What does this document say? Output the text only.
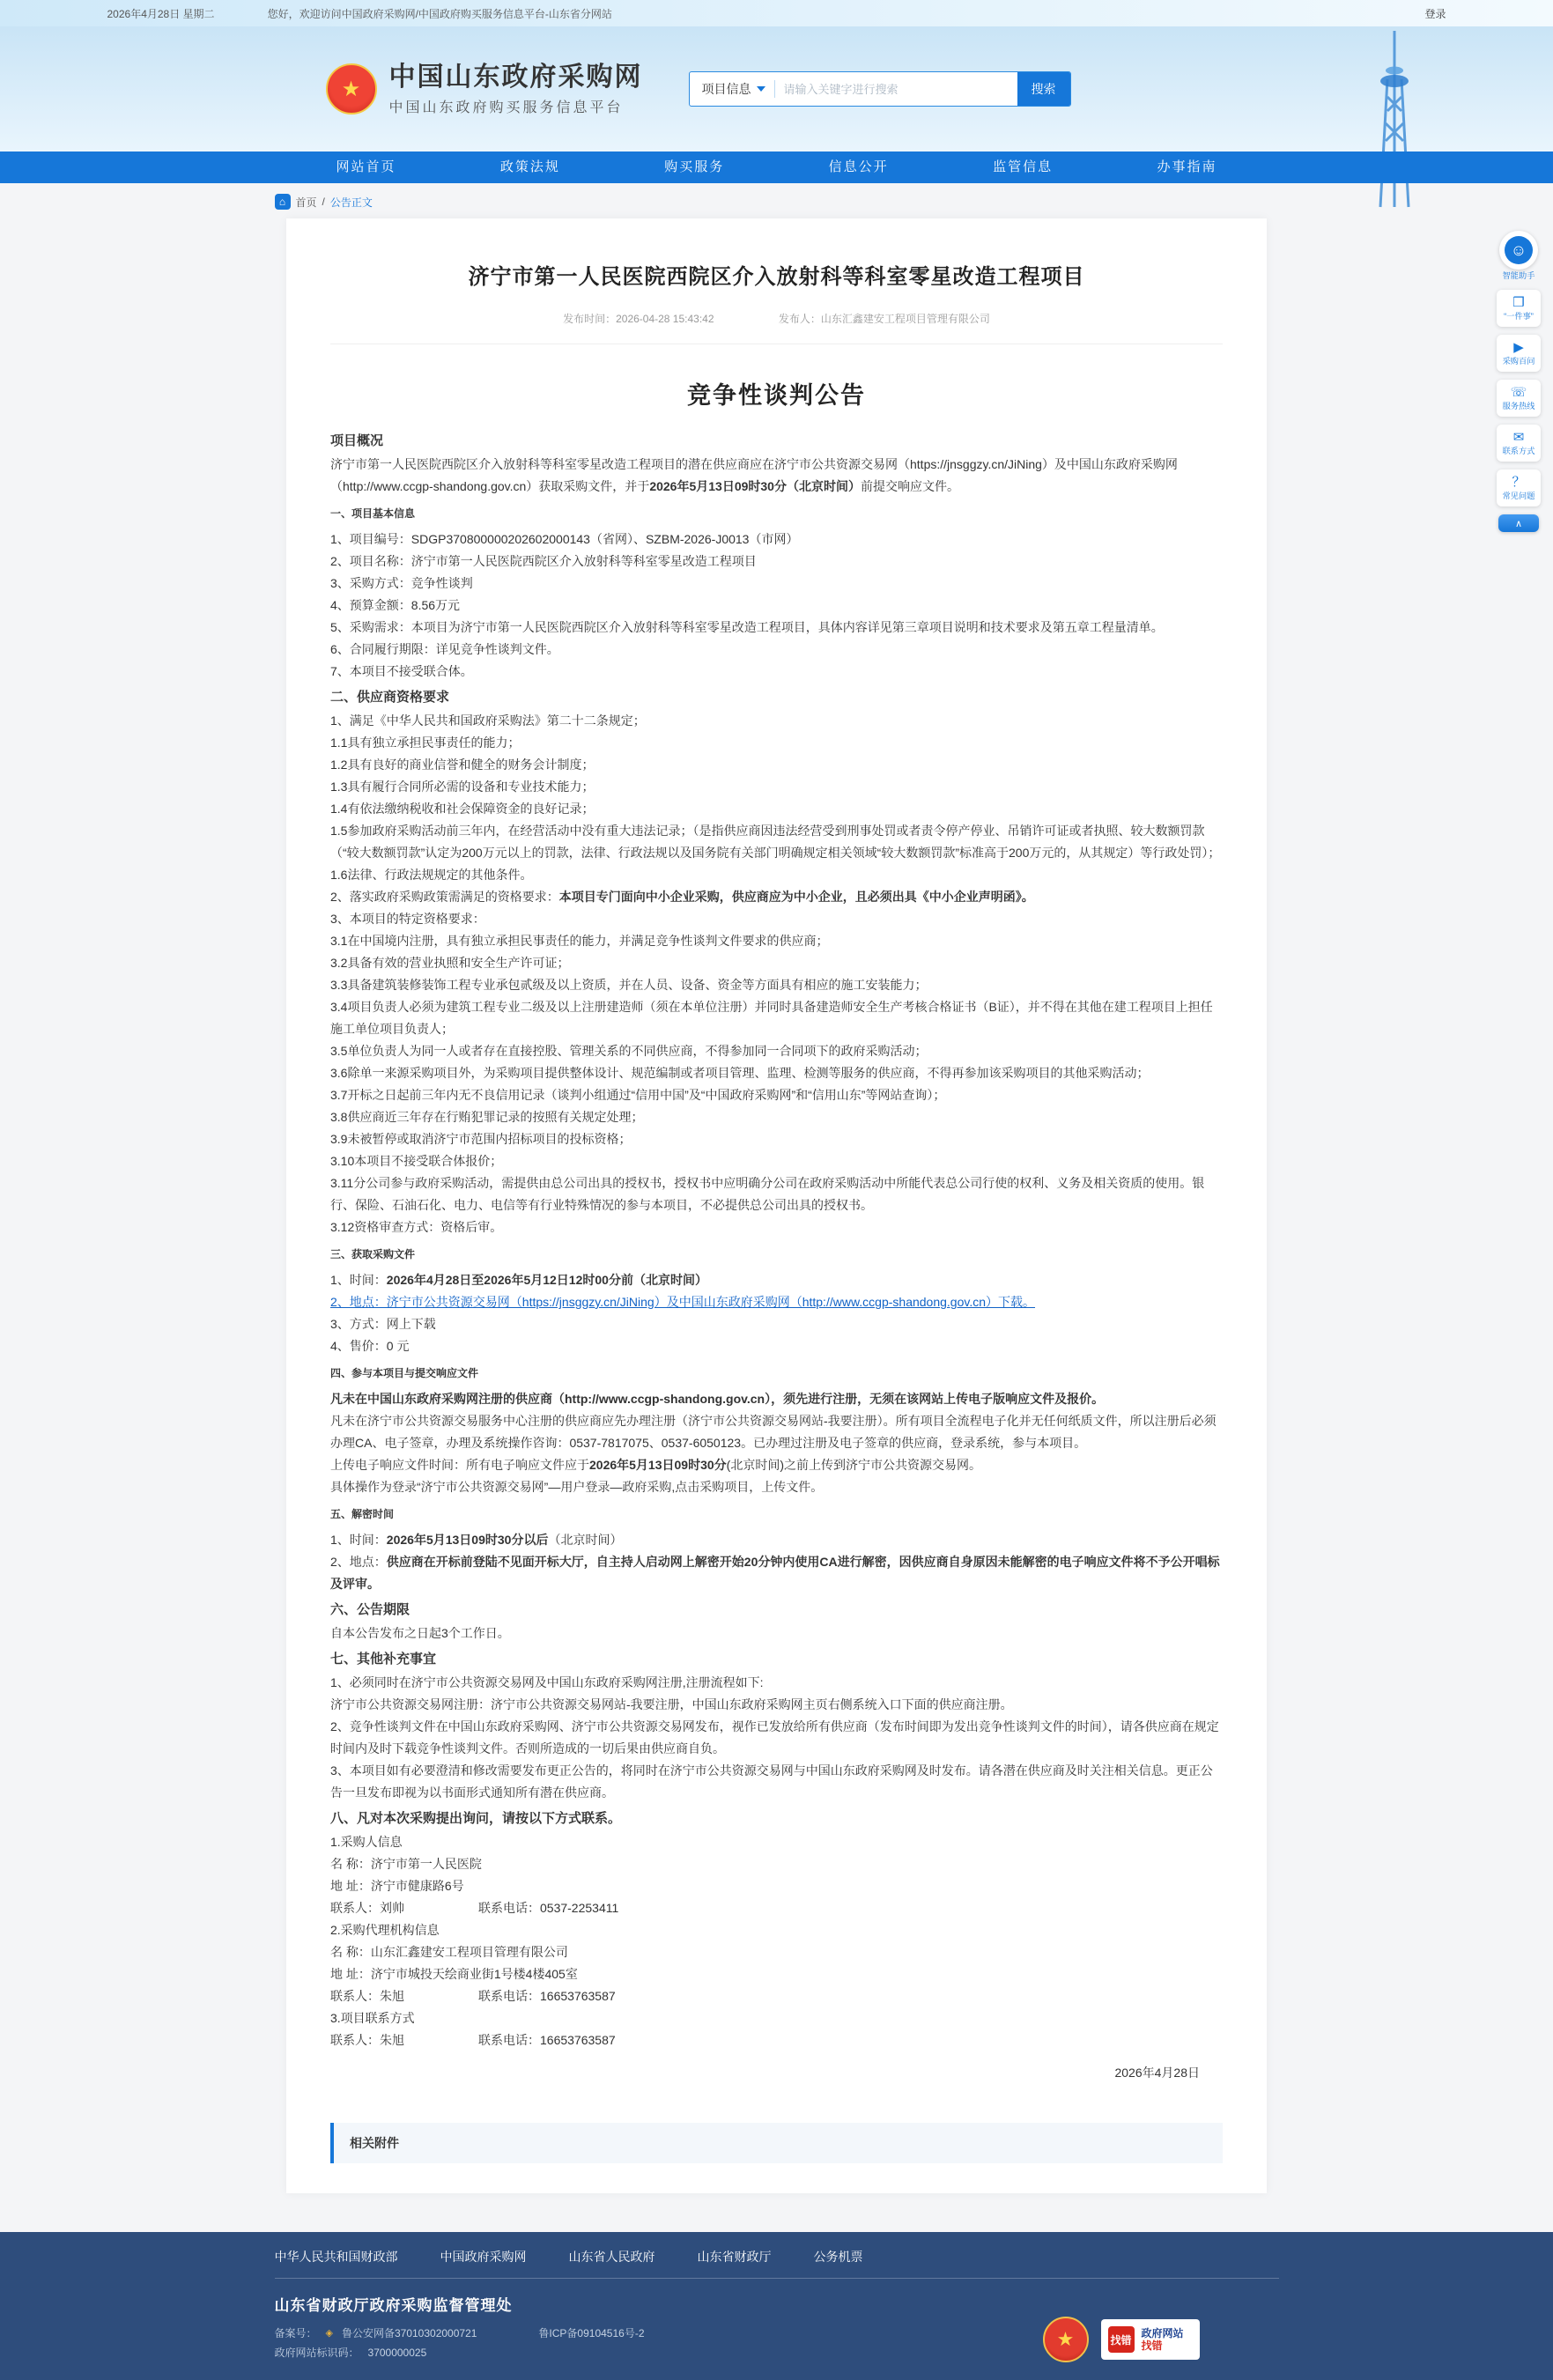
2026年4月28日 星期二	您好，欢迎访问中国政府采购网/中国政府购买服务信息平台-山东省分网站	登录
★	中国山东政府采购网
中国山东政府购买服务信息平台
项目信息
请输入关键字进行搜索	搜索
网站首页	政策法规	购买服务	信息公开	监管信息	办事指南
⌂ 首页 / 公告正文
济宁市第一人民医院西院区介入放射科等科室零星改造工程项目
发布时间：2026-04-28 15:43:42	发布人：山东汇鑫建安工程项目管理有限公司
竞争性谈判公告
项目概况
济宁市第一人民医院西院区介入放射科等科室零星改造工程项目的潜在供应商应在济宁市公共资源交易网（https://jnsggzy.cn/JiNing）及中国山东政府采购网（http://www.ccgp-shandong.gov.cn）获取采购文件，并于2026年5月13日09时30分（北京时间）前提交响应文件。
一、项目基本信息
1、项目编号：SDGP370800000202602000143（省网）、SZBM-2026-J0013（市网）
2、项目名称：济宁市第一人民医院西院区介入放射科等科室零星改造工程项目
3、采购方式：竞争性谈判
4、预算金额：8.56万元
5、采购需求：本项目为济宁市第一人民医院西院区介入放射科等科室零星改造工程项目，具体内容详见第三章项目说明和技术要求及第五章工程量清单。
6、合同履行期限：详见竞争性谈判文件。
7、本项目不接受联合体。
二、供应商资格要求
1、满足《中华人民共和国政府采购法》第二十二条规定；
1.1具有独立承担民事责任的能力；
1.2具有良好的商业信誉和健全的财务会计制度；
1.3具有履行合同所必需的设备和专业技术能力；
1.4有依法缴纳税收和社会保障资金的良好记录；
1.5参加政府采购活动前三年内，在经营活动中没有重大违法记录；（是指供应商因违法经营受到刑事处罚或者责令停产停业、吊销许可证或者执照、较大数额罚款（“较大数额罚款”认定为200万元以上的罚款，法律、行政法规以及国务院有关部门明确规定相关领域“较大数额罚款”标准高于200万元的，从其规定）等行政处罚）；
1.6法律、行政法规规定的其他条件。
2、落实政府采购政策需满足的资格要求：本项目专门面向中小企业采购，供应商应为中小企业，且必须出具《中小企业声明函》。
3、本项目的特定资格要求：
3.1在中国境内注册，具有独立承担民事责任的能力，并满足竞争性谈判文件要求的供应商；
3.2具备有效的营业执照和安全生产许可证；
3.3具备建筑装修装饰工程专业承包贰级及以上资质，并在人员、设备、资金等方面具有相应的施工安装能力；
3.4项目负责人必须为建筑工程专业二级及以上注册建造师（须在本单位注册）并同时具备建造师安全生产考核合格证书（B证），并不得在其他在建工程项目上担任施工单位项目负责人；
3.5单位负责人为同一人或者存在直接控股、管理关系的不同供应商，不得参加同一合同项下的政府采购活动；
3.6除单一来源采购项目外，为采购项目提供整体设计、规范编制或者项目管理、监理、检测等服务的供应商，不得再参加该采购项目的其他采购活动；
3.7开标之日起前三年内无不良信用记录（谈判小组通过“信用中国”及“中国政府采购网”和“信用山东”等网站查询）；
3.8供应商近三年存在行贿犯罪记录的按照有关规定处理；
3.9未被暂停或取消济宁市范围内招标项目的投标资格；
3.10本项目不接受联合体报价；
3.11分公司参与政府采购活动，需提供由总公司出具的授权书，授权书中应明确分公司在政府采购活动中所能代表总公司行使的权利、义务及相关资质的使用。银行、保险、石油石化、电力、电信等有行业特殊情况的参与本项目，不必提供总公司出具的授权书。
3.12资格审查方式：资格后审。
三、获取采购文件
1、时间：2026年4月28日至2026年5月12日12时00分前（北京时间）
2、地点：济宁市公共资源交易网（https://jnsggzy.cn/JiNing）及中国山东政府采购网（http://www.ccgp-shandong.gov.cn）下载。
3、方式：网上下载
4、售价：0 元
四、参与本项目与提交响应文件
凡未在中国山东政府采购网注册的供应商（http://www.ccgp-shandong.gov.cn），须先进行注册，无须在该网站上传电子版响应文件及报价。
凡未在济宁市公共资源交易服务中心注册的供应商应先办理注册（济宁市公共资源交易网站-我要注册）。所有项目全流程电子化并无任何纸质文件，所以注册后必须办理CA、电子签章，办理及系统操作咨询：0537-7817075、0537-6050123。已办理过注册及电子签章的供应商，登录系统，参与本项目。
上传电子响应文件时间：所有电子响应文件应于2026年5月13日09时30分(北京时间)之前上传到济宁市公共资源交易网。
具体操作为登录“济宁市公共资源交易网”—用户登录—政府采购,点击采购项目，上传文件。
五、解密时间
1、时间：2026年5月13日09时30分以后（北京时间）
2、地点：供应商在开标前登陆不见面开标大厅，自主持人启动网上解密开始20分钟内使用CA进行解密，因供应商自身原因未能解密的电子响应文件将不予公开唱标及评审。
六、公告期限
自本公告发布之日起3个工作日。
七、其他补充事宜
1、必须同时在济宁市公共资源交易网及中国山东政府采购网注册,注册流程如下:
济宁市公共资源交易网注册：济宁市公共资源交易网站-我要注册，中国山东政府采购网主页右侧系统入口下面的供应商注册。
2、竞争性谈判文件在中国山东政府采购网、济宁市公共资源交易网发布，视作已发放给所有供应商（发布时间即为发出竞争性谈判文件的时间），请各供应商在规定时间内及时下载竞争性谈判文件。否则所造成的一切后果由供应商自负。
3、本项目如有必要澄清和修改需要发布更正公告的，将同时在济宁市公共资源交易网与中国山东政府采购网及时发布。请各潜在供应商及时关注相关信息。更正公告一旦发布即视为以书面形式通知所有潜在供应商。
八、凡对本次采购提出询问，请按以下方式联系。
1.采购人信息
名 称：济宁市第一人民医院
地 址：济宁市健康路6号
联系人：刘帅	联系电话：0537-2253411
2.采购代理机构信息
名 称：山东汇鑫建安工程项目管理有限公司
地 址：济宁市城投天绘商业街1号楼4楼405室
联系人：朱旭	联系电话：16653763587
3.项目联系方式
联系人：朱旭	联系电话：16653763587
2026年4月28日
相关附件
中华人民共和国财政部	中国政府采购网	山东省人民政府	山东省财政厅	公务机票
山东省财政厅政府采购监督管理处
备案号： ◈ 鲁公安网备37010302000721	鲁ICP备09104516号-2
政府网站标识码： 3700000025
★	找错
政府网站
找错
☺
智能助手
❒
“一件事”
▶
采购百问
☏
服务热线
✉
联系方式
？
常见问题
∧
